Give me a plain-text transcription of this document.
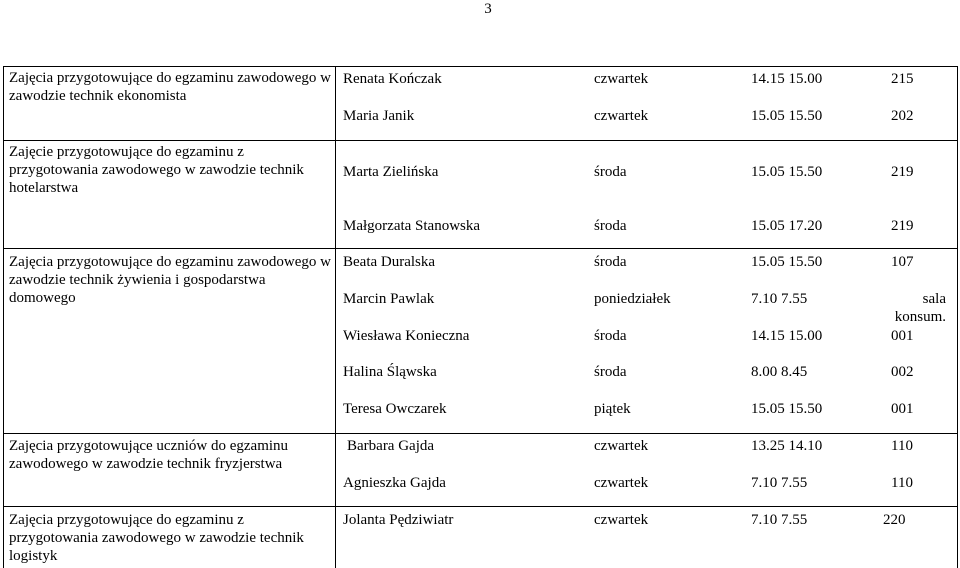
3
Zajęcia przygotowujące do egzaminu zawodowego w zawodzie technik ekonomista
Renata Kończak	czwartek	14.15 15.00	215
Maria Janik	czwartek	15.05 15.50	202
Zajęcie przygotowujące do egzaminu z przygotowania zawodowego w zawodzie technik hotelarstwa
Marta Zielińska	środa	15.05 15.50	219
Małgorzata Stanowska	środa	15.05 17.20	219
Zajęcia przygotowujące do egzaminu zawodowego w zawodzie technik żywienia i gospodarstwa domowego
Beata Duralska	środa	15.05 15.50	107
Marcin Pawlak	poniedziałek	7.10 7.55	sala konsum.
Wiesława Konieczna	środa	14.15 15.00	001
Halina Śląwska	środa	8.00 8.45	002
Teresa Owczarek	piątek	15.05 15.50	001
Zajęcia przygotowujące uczniów do egzaminu zawodowego w zawodzie technik fryzjerstwa
Barbara Gajda	czwartek	13.25 14.10	110
Agnieszka Gajda	czwartek	7.10 7.55	110
Zajęcia przygotowujące do egzaminu z przygotowania zawodowego w zawodzie technik logistyk
Jolanta Pędziwiatr	czwartek	7.10 7.55	220
